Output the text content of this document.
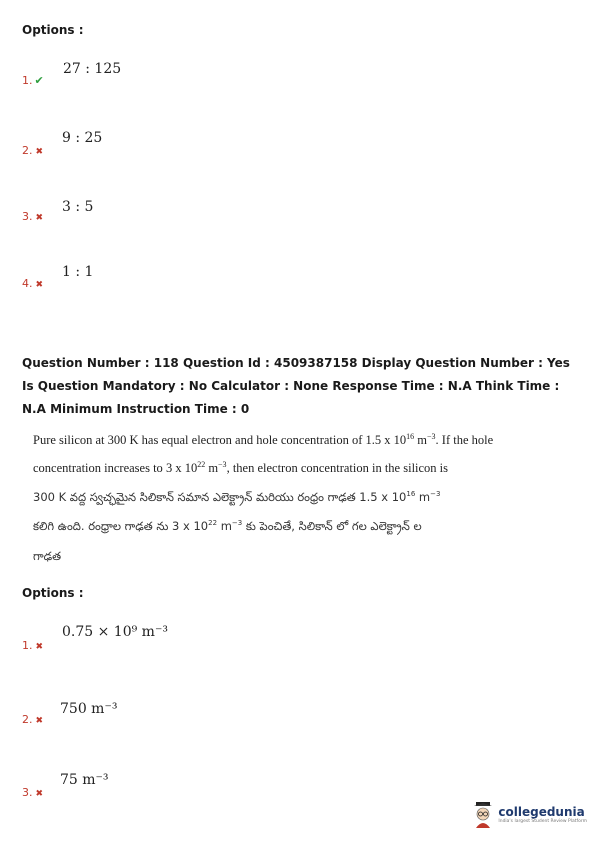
Options :
1. ✔
27 : 125
2. ✖
9 : 25
3. ✖
3 : 5
4. ✖
1 : 1
Question Number : 118 Question Id : 4509387158 Display Question Number : Yes Is Question Mandatory : No Calculator : None Response Time : N.A Think Time : N.A Minimum Instruction Time : 0
Pure silicon at 300 K has equal electron and hole concentration of 1.5 x $10^{16}$ $m^{-3}$. If the hole
concentration increases to 3 x $10^{22}$ $m^{-3}$, then electron concentration in the silicon is
300 K వద్ద స్వచ్ఛమైన సిలికాన్ సమాన ఎలెక్ట్రాన్ మరియు రంధ్రం గాఢత 1.5 x $10^{16}$ $m^{-3}$
కలిగి ఉంది. రంధ్రాల గాఢత ను 3 x $10^{22}$ $m^{-3}$ కు పెంచితే, సిలికాన్ లో గల ఎలెక్ట్రాన్ ల
గాఢత
Options :
1. ✖
0.75 × 10⁹ m⁻³
2. ✖
750 m⁻³
3. ✖
75 m⁻³
collegedunia
India's largest Student Review Platform
